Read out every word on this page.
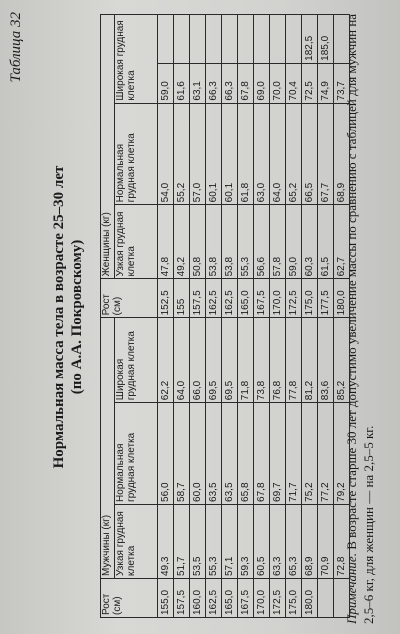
Таблица 32
Нормальная масса тела в возрасте 25–30 лет (по А.А. Покровскому)
Рост (см)	Мужчины (кг)			Рост (см)	Женщины (кг)			
	Узкая грудная клетка	Нормальная грудная клетка	Широкая грудная клетка		Узкая грудная клетка	Нормальная грудная клетка	Широкая грудная клетка	
155,0	49,3	56,0	62,2	152,5	47,8	54,0	59,0	
157,5	51,7	58,7	64,0	155	49,2	55,2	61,6	
160,0	53,5	60,0	66,0	157,5	50,8	57,0	63,1	
162,5	55,3	63,5	69,5	162,5	53,8	60,1	66,3	
165,0	57,1	63,5	69,5	162,5	53,8	60,1	66,3	
167,5	59,3	65,8	71,8	165,0	55,3	61,8	67,8	
170,0	60,5	67,8	73,8	167,5	56,6	63,0	69,0	
172,5	63,3	69,7	76,8	170,0	57,8	64,0	70,0	
175,0	65,3	71,7	77,8	172,5	59,0	65,2	70,4	
180,0	68,9	75,2	81,2	175,0	60,3	66,5	72,5	182,5
	70,9	77,2	83,6	177,5	61,5	67,7	74,9	185,0
	72,8	79,2	85,2	180,0	62,7	68,9	73,7	
Примечание. В возрасте старше 30 лет допустимо увеличение массы по сравнению с таблицей для мужчин на 2,5–6 кг, для женщин — на 2,5–5 кг.
